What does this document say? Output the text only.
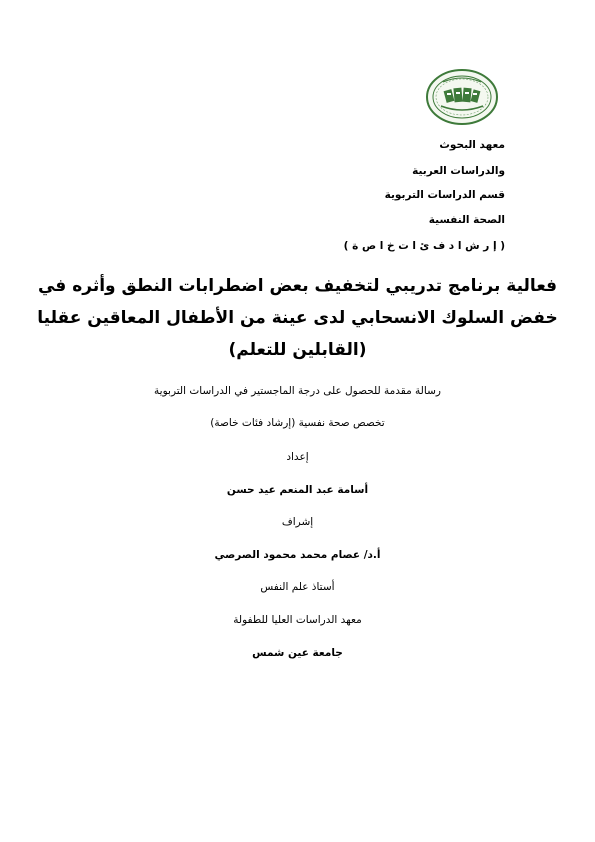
معهد البحوث
والدراسات العربية
قسم الدراسات التربوية
الصحة النفسية
( إ ر ش ا د ف ئ ا ت خ ا ص ة )
فعالية برنامج تدريبي لتخفيف بعض اضطرابات النطق وأثره في
خفض السلوك الانسحابي لدى عينة من الأطفال المعاقين عقليا
(القابلين للتعلم)
رسالة مقدمة للحصول على درجة الماجستير في الدراسات التربوية
تخصص صحة نفسية (إرشاد فئات خاصة)
إعداد
أسامة عبد المنعم عيد حسن
إشراف
أ.د/ عصام محمد محمود الصرصي
أستاذ علم النفس
معهد الدراسات العليا للطفولة
جامعة عين شمس
